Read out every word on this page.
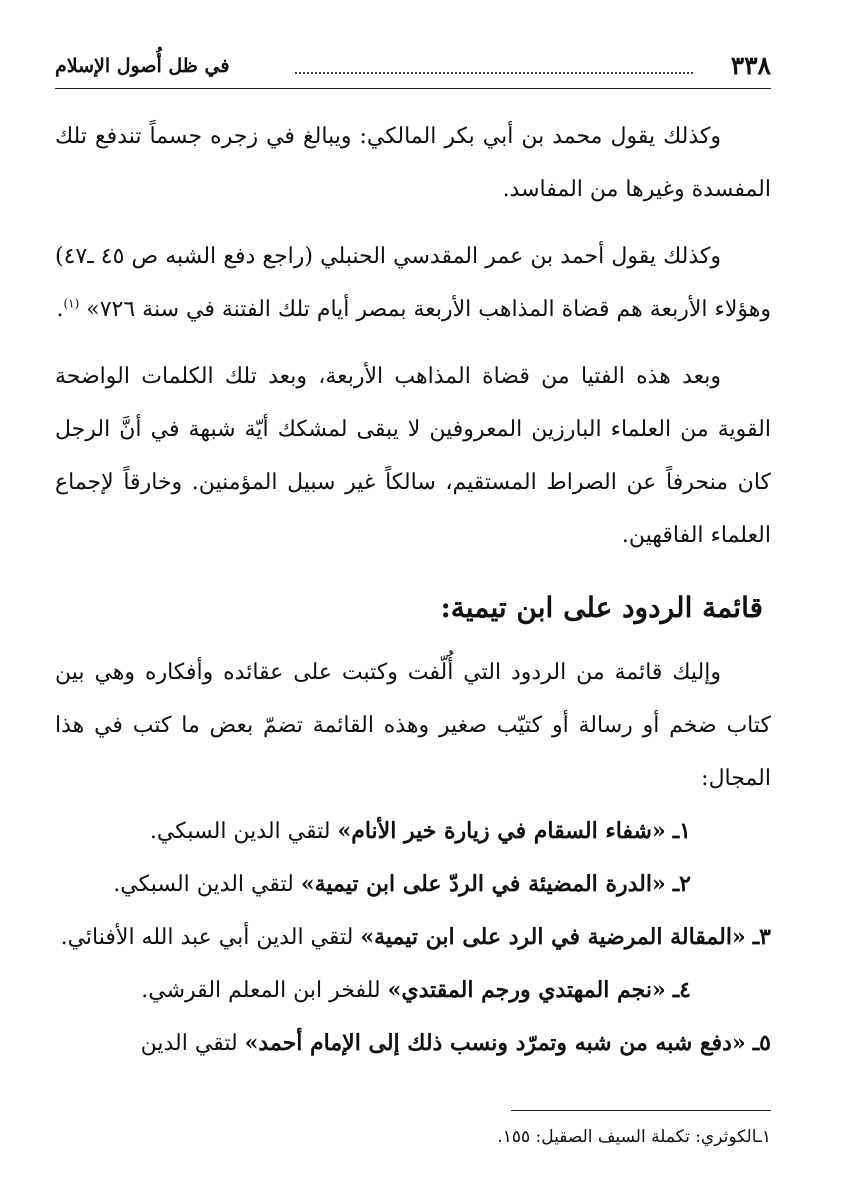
٣٣٨
في ظل أُصول الإسلام

وكذلك يقول محمد بن أبي بكر المالكي: ويبالغ في زجره جسماً تندفع تلك المفسدة وغيرها من المفاسد.

وكذلك يقول أحمد بن عمر المقدسي الحنبلي (راجع دفع الشبه ص ٤٥ ـ٤٧) وهؤلاء الأربعة هم قضاة المذاهب الأربعة بمصر أيام تلك الفتنة في سنة ٧٢٦» $^{(١)}$.

وبعد هذه الفتيا من قضاة المذاهب الأربعة، وبعد تلك الكلمات الواضحة القوية من العلماء البارزين المعروفين لا يبقى لمشكك أيّة شبهة في أنَّ الرجل كان منحرفاً عن الصراط المستقيم، سالكاً غير سبيل المؤمنين. وخارقاً لإجماع العلماء الفاقهين.

قائمة الردود على ابن تيمية:

وإليك قائمة من الردود التي أُلّفت وكتبت على عقائده وأفكاره وهي بين كتاب ضخم أو رسالة أو كتيّب صغير وهذه القائمة تضمّ بعض ما كتب في هذا المجال:

١ـ «شفاء السقام في زيارة خير الأنام» لتقي الدين السبكي.
٢ـ «الدرة المضيئة في الردّ على ابن تيمية» لتقي الدين السبكي.
٣ـ «المقالة المرضية في الرد على ابن تيمية» لتقي الدين أبي عبد الله الأفنائي.
٤ـ «نجم المهتدي ورجم المقتدي» للفخر ابن المعلم القرشي.
٥ـ «دفع شبه من شبه وتمرّد ونسب ذلك إلى الإمام أحمد» لتقي الدين
١ـالكوثري: تكملة السيف الصقيل: ١٥٥.
